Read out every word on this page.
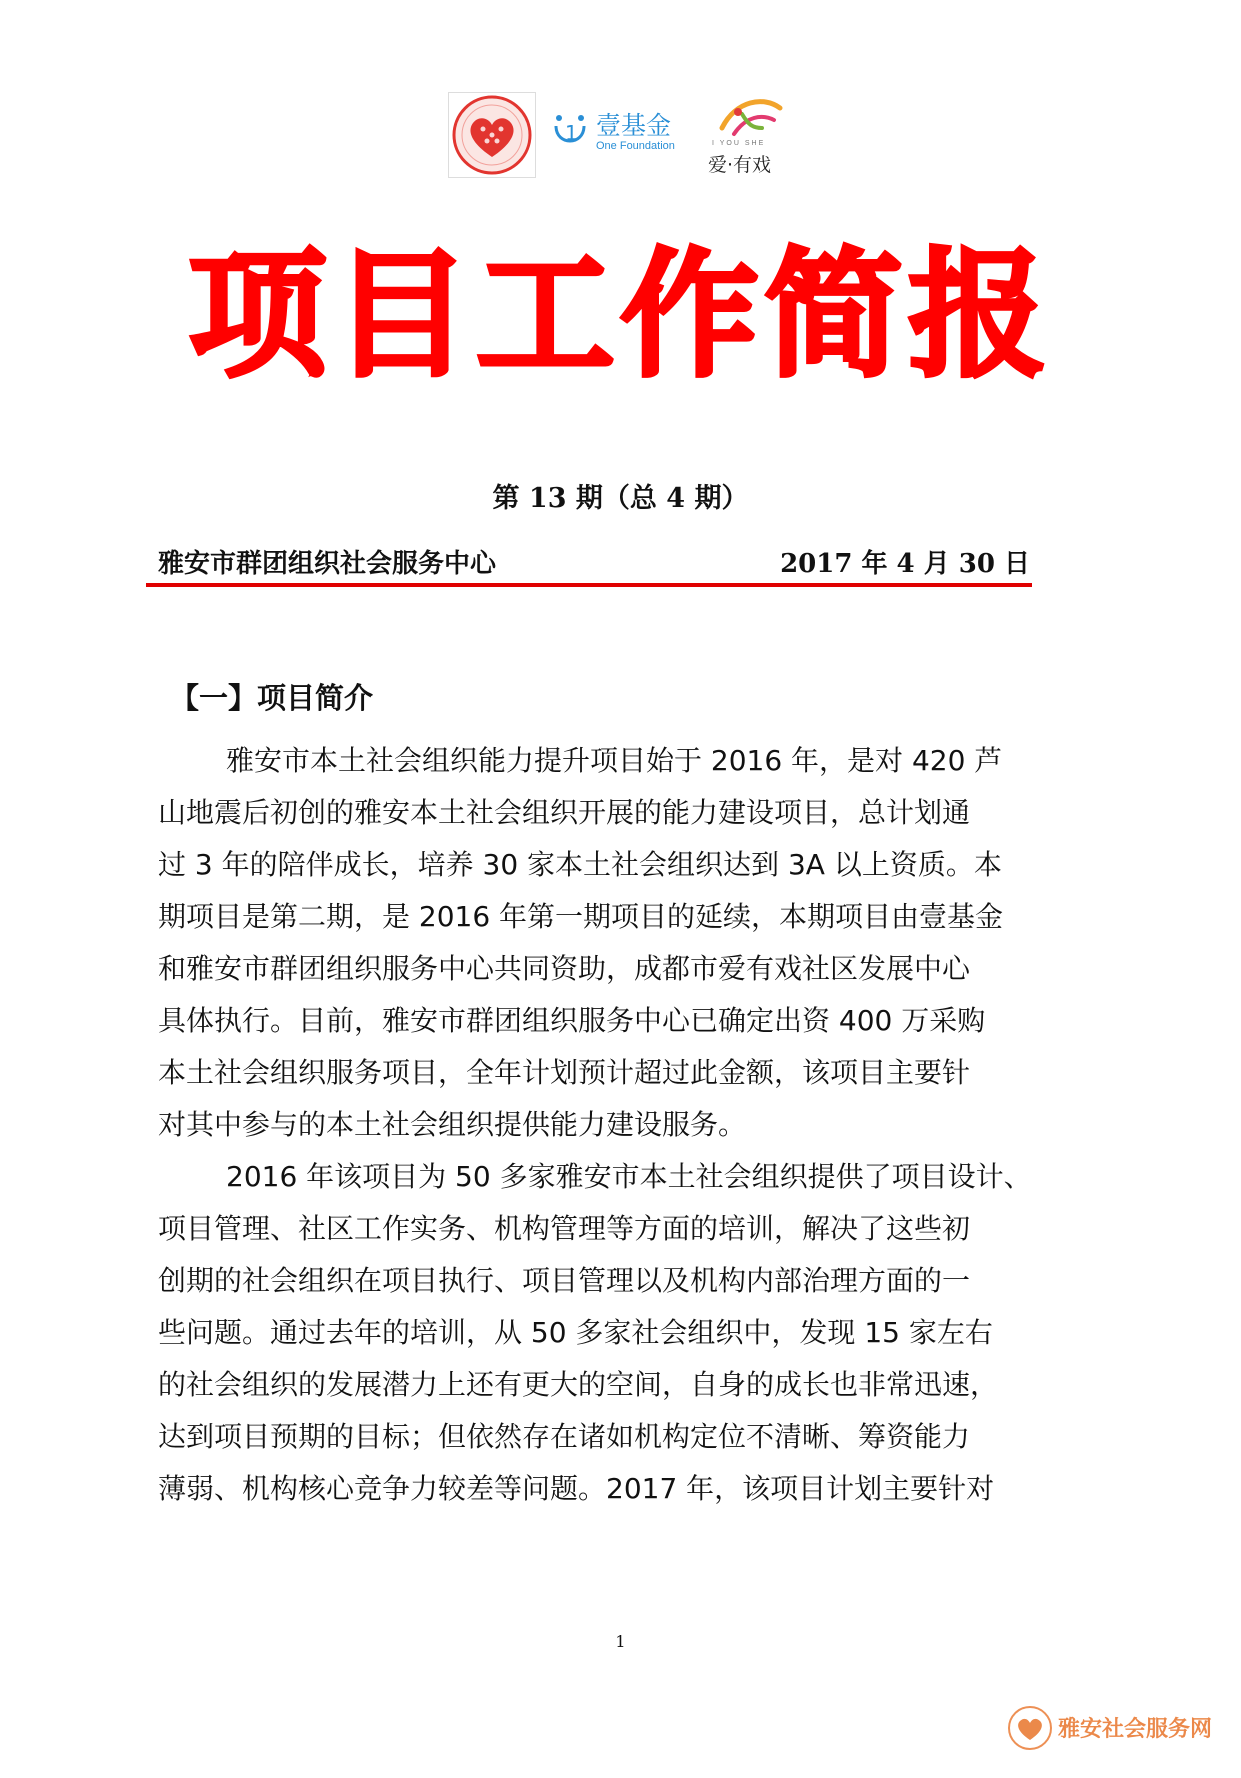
1 壹基金
One Foundation	I YOU SHE
爱·有戏
项目工作简报
第 13 期（总 4 期）
雅安市群团组织社会服务中心	2017 年 4 月 30 日
【一】项目简介
雅安市本土社会组织能力提升项目始于 2016 年，是对 420 芦
山地震后初创的雅安本土社会组织开展的能力建设项目，总计划通
过 3 年的陪伴成长，培养 30 家本土社会组织达到 3A 以上资质。本
期项目是第二期，是 2016 年第一期项目的延续，本期项目由壹基金
和雅安市群团组织服务中心共同资助，成都市爱有戏社区发展中心
具体执行。目前，雅安市群团组织服务中心已确定出资 400 万采购
本土社会组织服务项目，全年计划预计超过此金额，该项目主要针
对其中参与的本土社会组织提供能力建设服务。
2016 年该项目为 50 多家雅安市本土社会组织提供了项目设计、
项目管理、社区工作实务、机构管理等方面的培训，解决了这些初
创期的社会组织在项目执行、项目管理以及机构内部治理方面的一
些问题。通过去年的培训，从 50 多家社会组织中，发现 15 家左右
的社会组织的发展潜力上还有更大的空间，自身的成长也非常迅速，
达到项目预期的目标；但依然存在诸如机构定位不清晰、筹资能力
薄弱、机构核心竞争力较差等问题。2017 年，该项目计划主要针对
1
雅安社会服务网
